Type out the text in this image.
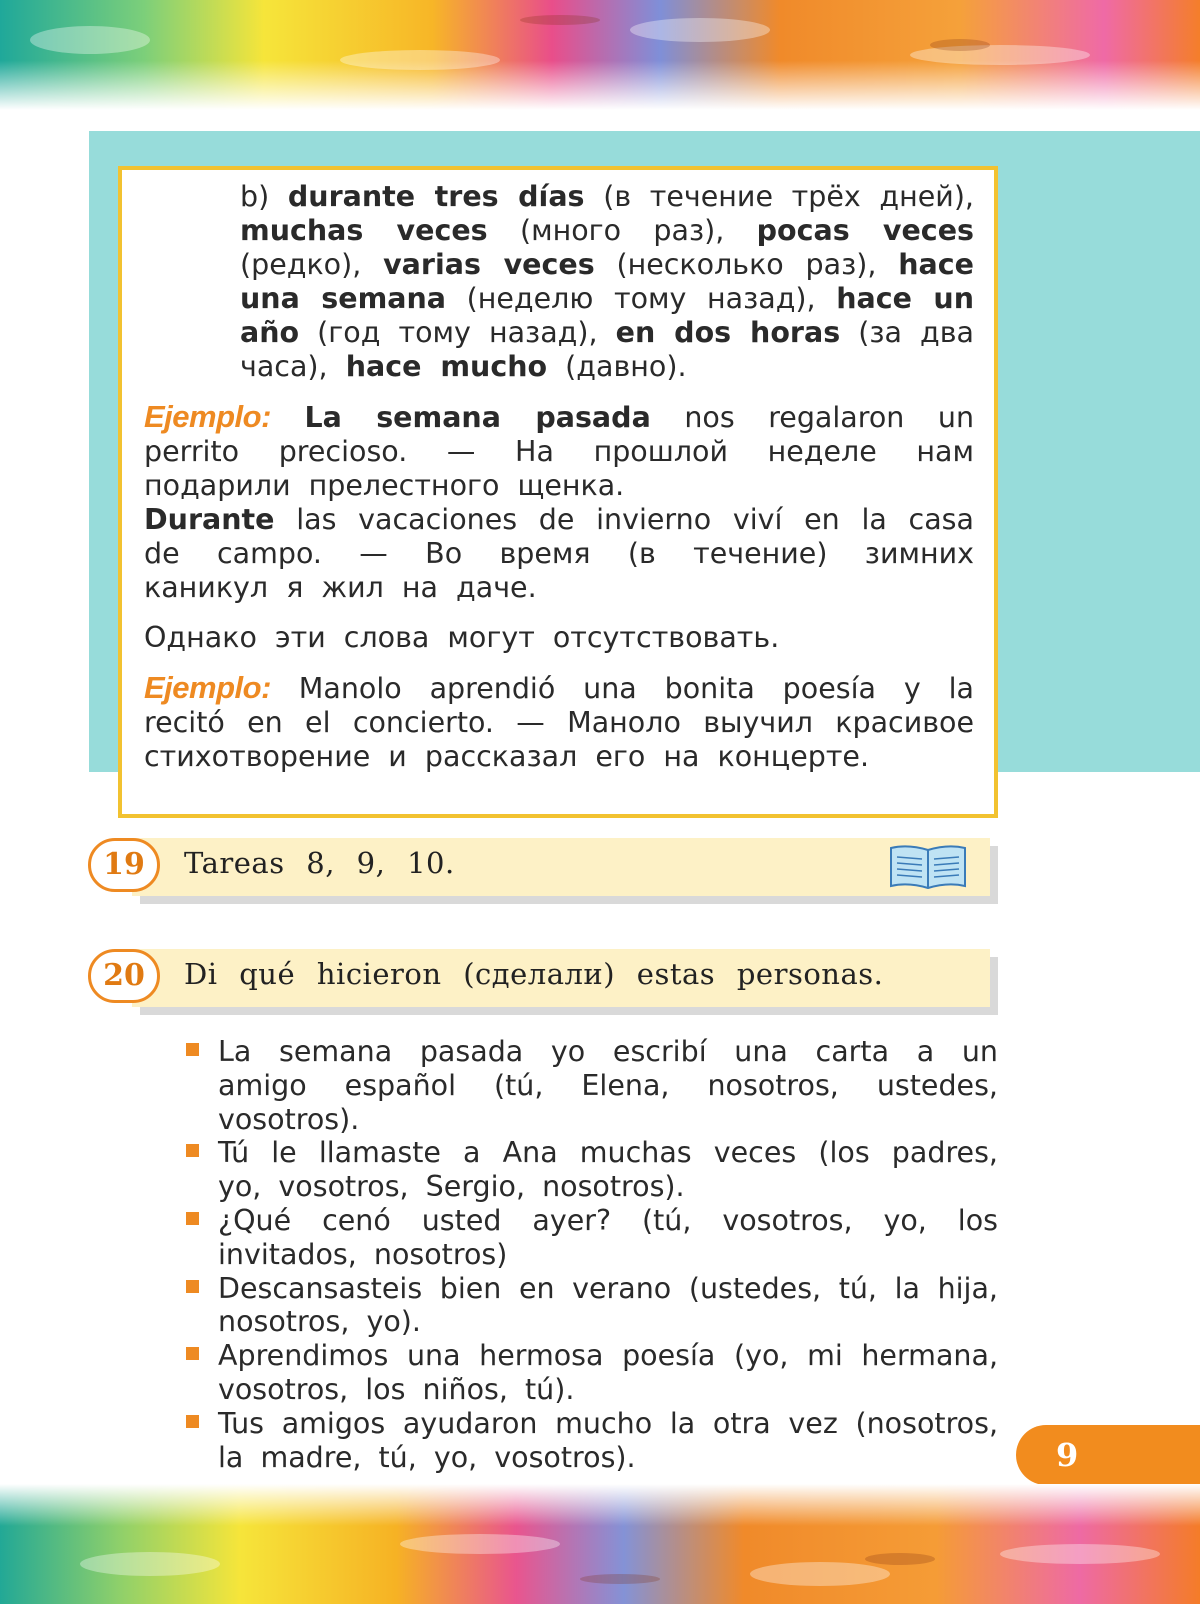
b) durante tres días (в течение трёх дней), muchas veces (много раз), pocas veces (редко), varias veces (несколько раз), hace una semana (неделю тому назад), hace un año (год тому назад), en dos horas (за два часа), hace mucho (давно).

Ejemplo: La semana pasada nos regalaron un perrito precioso. — На прошлой неделе нам подарили прелестного щенка.
Durante las vacaciones de invierno viví en la casa de campo. — Во время (в течение) зимних каникул я жил на даче.

Однако эти слова могут отсутствовать.

Ejemplo: Manolo aprendió una bonita poesía y la recitó en el concierto. — Маноло выучил красивое стихотворение и рассказал его на концерте.

19	Tareas 8, 9, 10.
20	Di qué hicieron (сделали) estas personas.
La semana pasada yo escribí una carta a un amigo español (tú, Elena, nosotros, ustedes, vosotros).
Tú le llamaste a Ana muchas veces (los padres, yo, vosotros, Sergio, nosotros).
¿Qué cenó usted ayer? (tú, vosotros, yo, los invitados, nosotros)
Descansasteis bien en verano (ustedes, tú, la hija, nosotros, yo).
Aprendimos una hermosa poesía (yo, mi hermana, vosotros, los niños, tú).
Tus amigos ayudaron mucho la otra vez (nosotros, la madre, tú, yo, vosotros).	9
